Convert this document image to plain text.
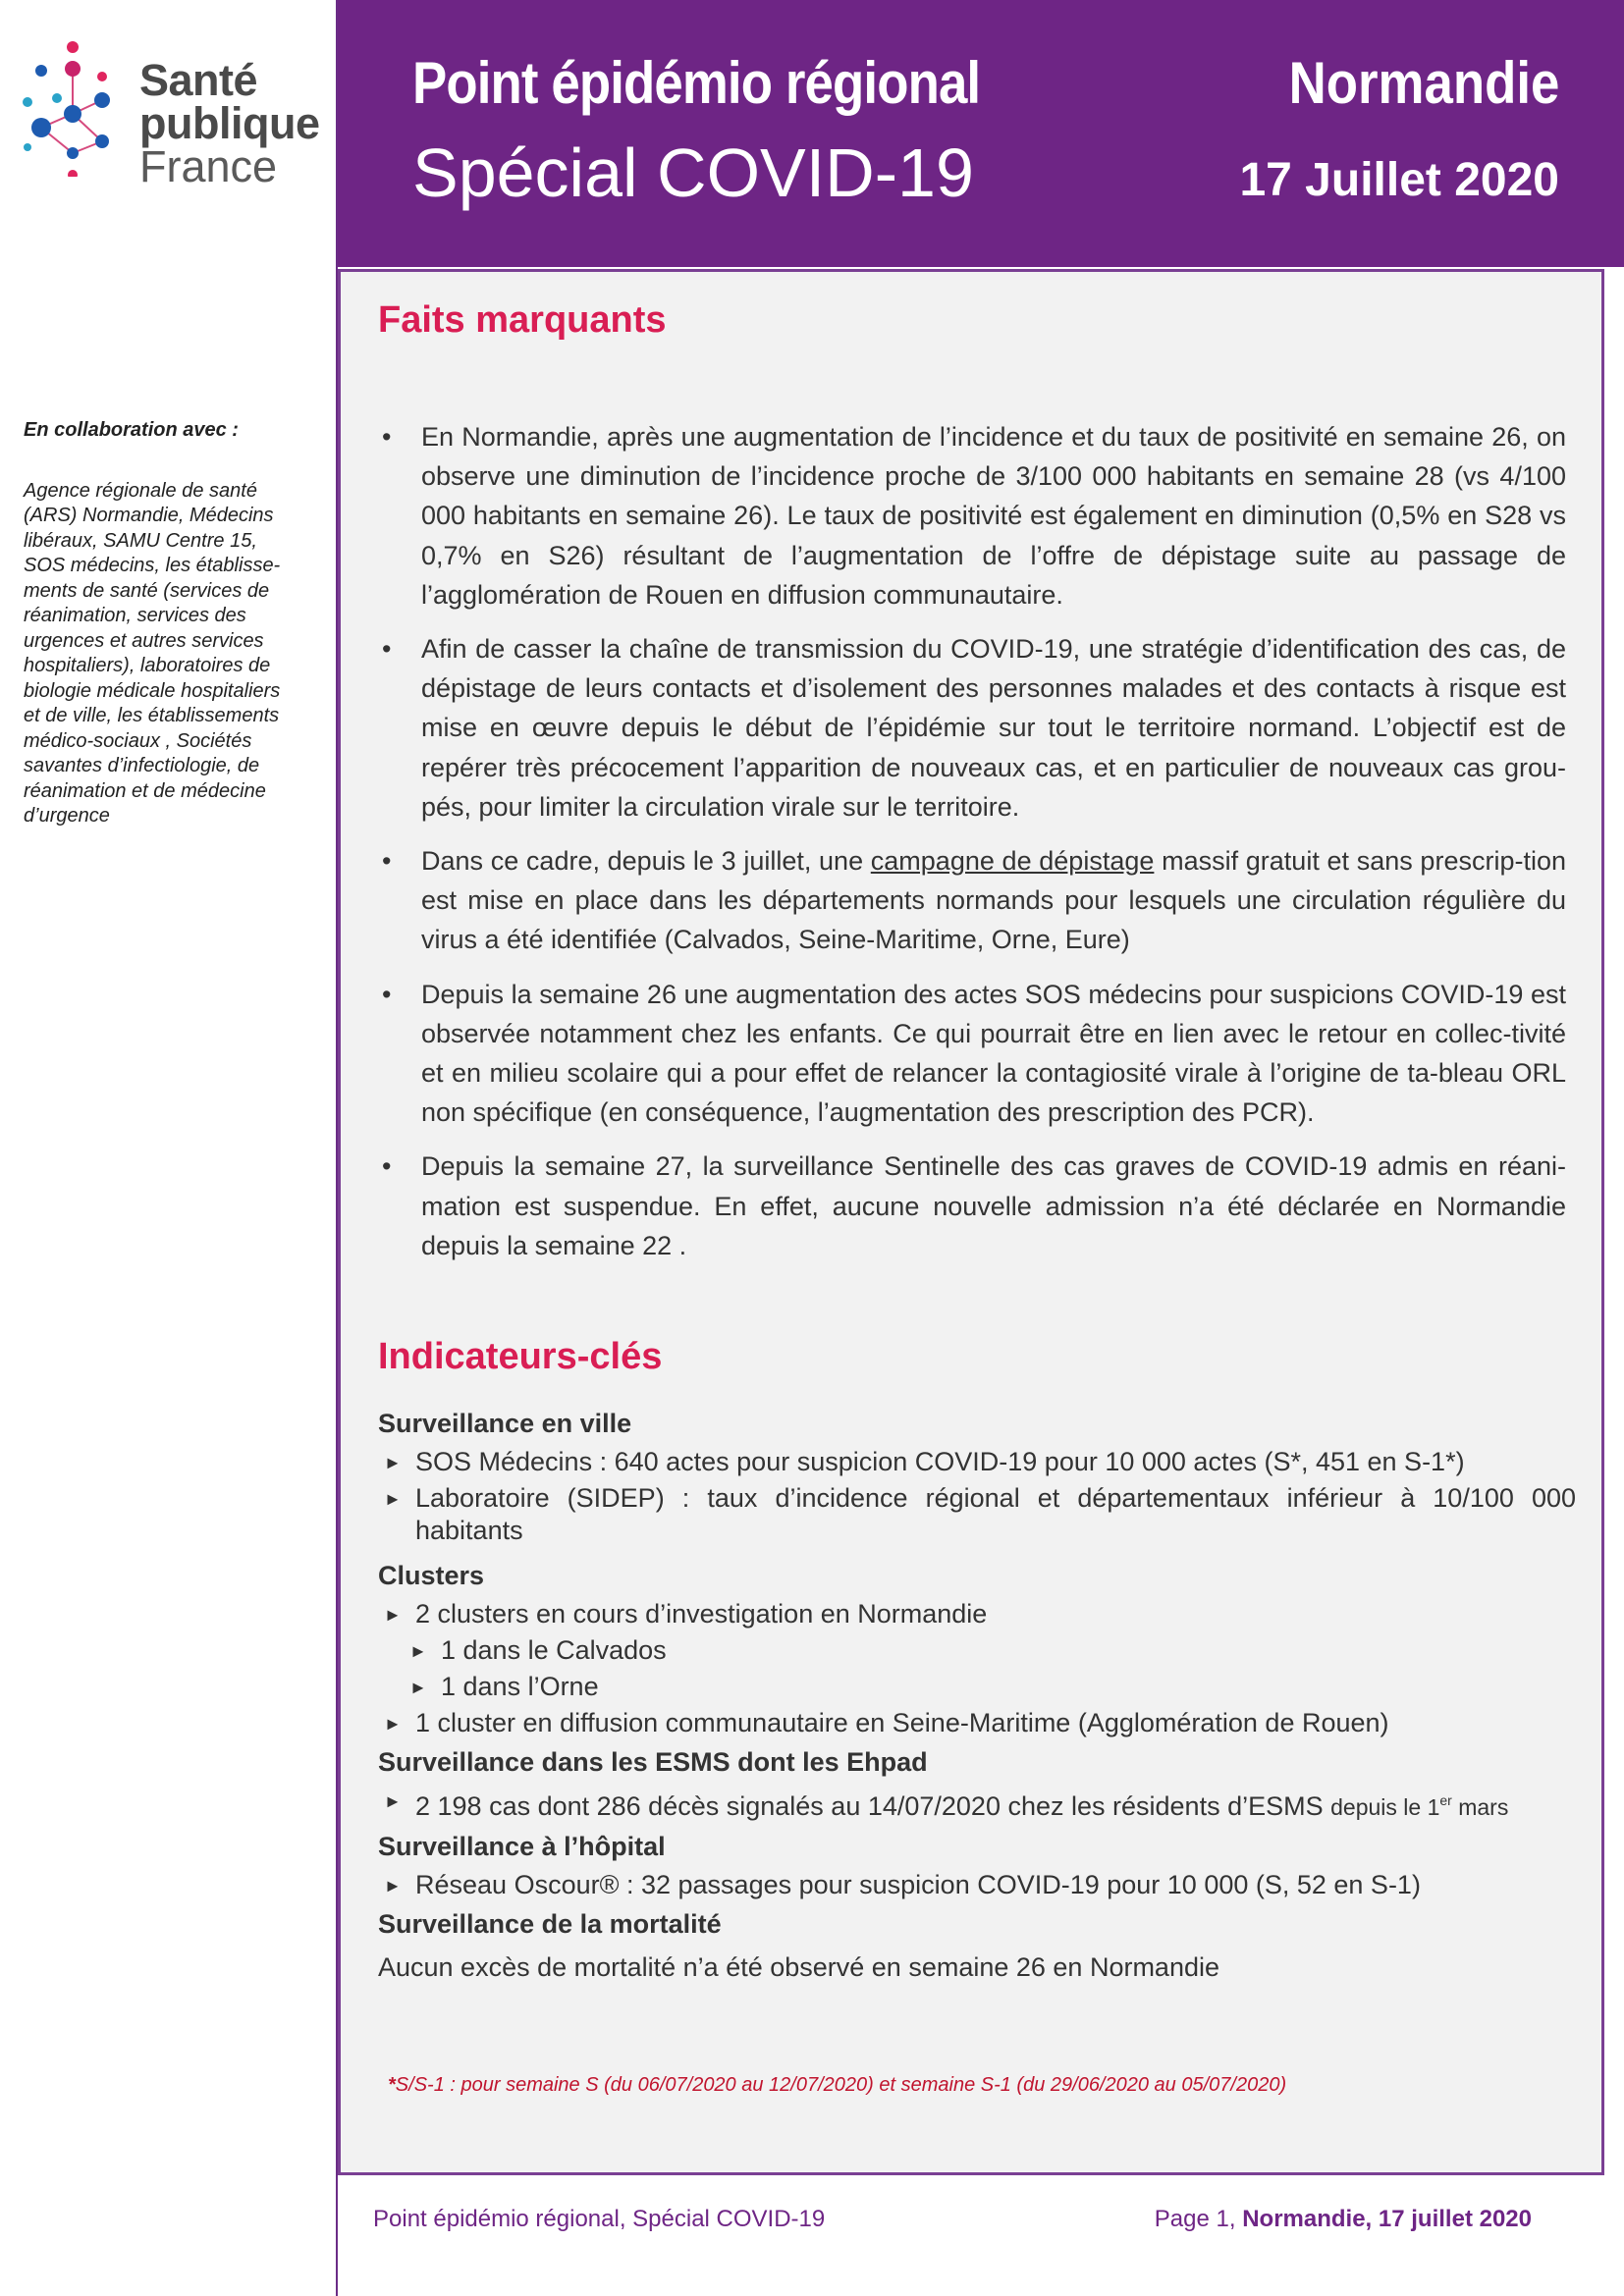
Santé
publique
France
En collaboration avec :
Agence régionale de santé
(ARS) Normandie, Médecins
libéraux, SAMU Centre 15,
SOS médecins, les établisse-
ments de santé (services de
réanimation, services des
urgences et autres services
hospitaliers), laboratoires de
biologie médicale hospitaliers
et de ville, les établissements
médico-sociaux , Sociétés
savantes d’infectiologie, de
réanimation et de médecine
d’urgence
Point épidémio régional
Spécial COVID-19
Normandie
17 Juillet 2020
Faits marquants
• En Normandie, après une augmentation de l’incidence et du taux de positivité en semaine 26, on observe une diminution de l’incidence proche de 3/100 000 habitants en semaine 28 (vs 4/100 000 habitants en semaine 26). Le taux de positivité est également en diminution (0,5% en S28 vs 0,7% en S26) résultant de l’augmentation de l’offre de dépistage suite au passage de l’agglomération de Rouen en diffusion communautaire.
• Afin de casser la chaîne de transmission du COVID-19, une stratégie d’identification des cas, de dépistage de leurs contacts et d’isolement des personnes malades et des contacts à risque est mise en œuvre depuis le début de l’épidémie sur tout le territoire normand. L’objectif est de repérer très précocement l’apparition de nouveaux cas, et en particulier de nouveaux cas grou-pés, pour limiter la circulation virale sur le territoire.
• Dans ce cadre, depuis le 3 juillet, une campagne de dépistage massif gratuit et sans prescrip-tion est mise en place dans les départements normands pour lesquels une circulation régulière du virus a été identifiée (Calvados, Seine-Maritime, Orne, Eure)
• Depuis la semaine 26 une augmentation des actes SOS médecins pour suspicions COVID-19 est observée notamment chez les enfants. Ce qui pourrait être en lien avec le retour en collec-tivité et en milieu scolaire qui a pour effet de relancer la contagiosité virale à l’origine de ta-bleau ORL non spécifique (en conséquence, l’augmentation des prescription des PCR).
• Depuis la semaine 27, la surveillance Sentinelle des cas graves de COVID-19 admis en réani-mation est suspendue. En effet, aucune nouvelle admission n’a été déclarée en Normandie depuis la semaine 22 .
Indicateurs-clés
Surveillance en ville
► SOS Médecins : 640 actes pour suspicion COVID-19 pour 10 000 actes (S*, 451 en S-1*)
► Laboratoire (SIDEP) : taux d’incidence régional et départementaux inférieur à 10/100 000 habitants
Clusters
► 2 clusters en cours d’investigation en Normandie
► 1 dans le Calvados
► 1 dans l’Orne
► 1 cluster en diffusion communautaire en Seine-Maritime (Agglomération de Rouen)
Surveillance dans les ESMS dont les Ehpad
► 2 198 cas dont 286 décès signalés au 14/07/2020 chez les résidents d’ESMS depuis le 1er mars
Surveillance à l’hôpital
► Réseau Oscour® : 32 passages pour suspicion COVID-19 pour 10 000 (S, 52 en S-1)
Surveillance de la mortalité
Aucun excès de mortalité n’a été observé en semaine 26 en Normandie
*S/S-1 : pour semaine S (du 06/07/2020 au 12/07/2020) et semaine S-1 (du 29/06/2020 au 05/07/2020)
Point épidémio régional, Spécial COVID-19	Page 1, Normandie, 17 juillet 2020
